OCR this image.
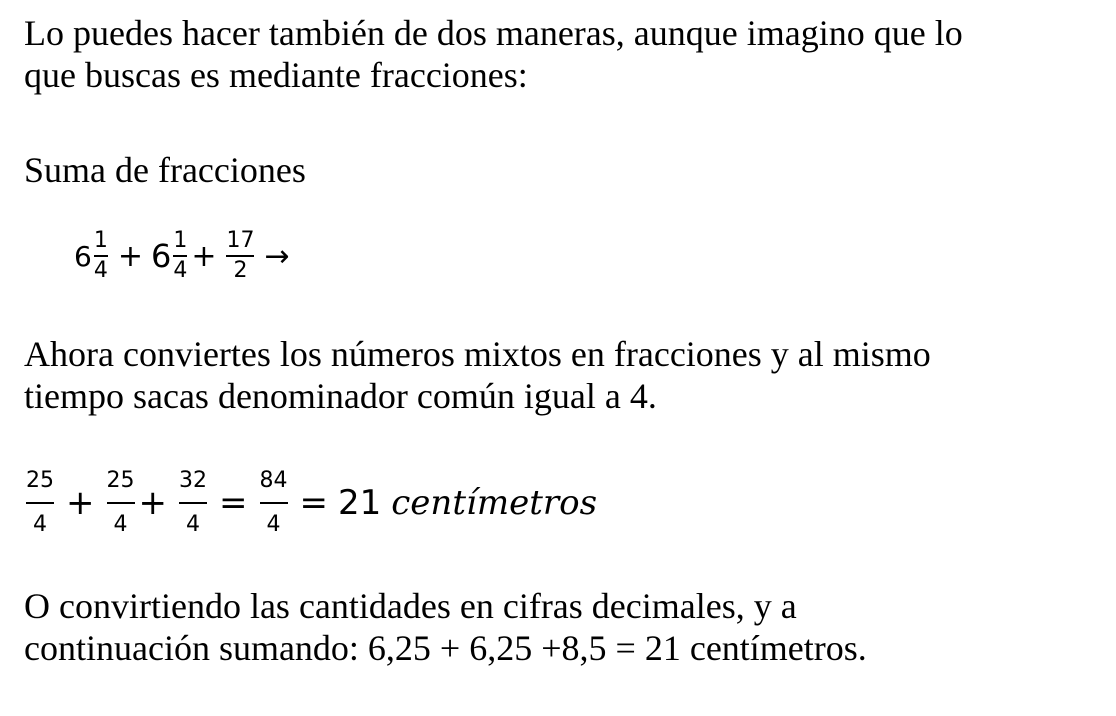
Lo puedes hacer también de dos maneras, aunque imagino que lo
que buscas es mediante fracciones:
Suma de fracciones
$6 \frac{1}{4} + 6 \frac{1}{4} + \frac{17}{2}$ →
Ahora conviertes los números mixtos en fracciones y al mismo
tiempo sacas denominador común igual a 4.
$\frac{25}{4} + \frac{25}{4} + \frac{32}{4} = \frac{84}{4} = 21$ centímetros
O convirtiendo las cantidades en cifras decimales, y a
continuación sumando: 6,25 + 6,25 +8,5 = 21 centímetros.
